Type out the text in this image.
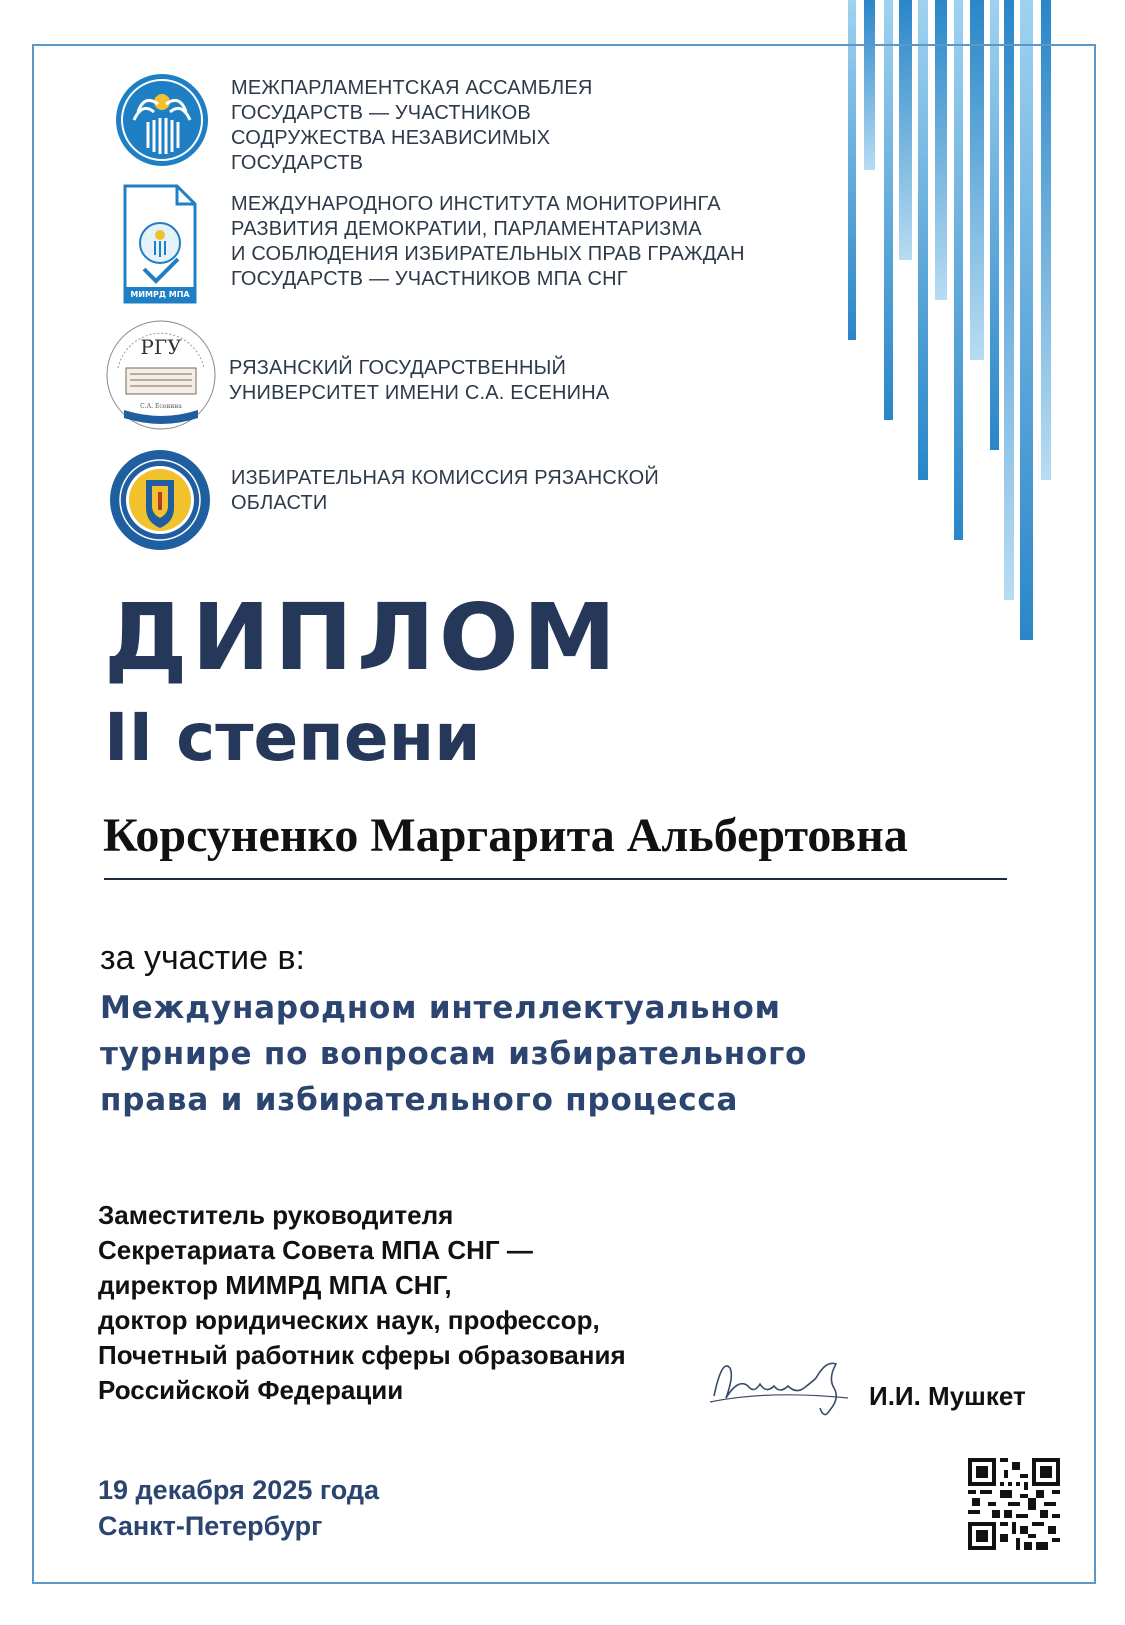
МЕЖПАРЛАМЕНТСКАЯ АССАМБЛЕЯ
ГОСУДАРСТВ — УЧАСТНИКОВ
СОДРУЖЕСТВА НЕЗАВИСИМЫХ
ГОСУДАРСТВ
МИМРД МПА СНГ
МЕЖДУНАРОДНОГО ИНСТИТУТА МОНИТОРИНГА
РАЗВИТИЯ ДЕМОКРАТИИ, ПАРЛАМЕНТАРИЗМА
И СОБЛЮДЕНИЯ ИЗБИРАТЕЛЬНЫХ ПРАВ ГРАЖДАН
ГОСУДАРСТВ — УЧАСТНИКОВ МПА СНГ
С.А. Есенина
РГУ
РЯЗАНСКИЙ ГОСУДАРСТВЕННЫЙ
УНИВЕРСИТЕТ ИМЕНИ С.А. ЕСЕНИНА
ИЗБИРАТЕЛЬНАЯ КОМИССИЯ РЯЗАНСКОЙ
ОБЛАСТИ
ДИПЛОМ
II степени
Корсуненко Маргарита Альбертовна
за участие в:
Международном интеллектуальном
турнире по вопросам избирательного
права и избирательного процесса
Заместитель руководителя
Секретариата Совета МПА СНГ —
директор МИМРД МПА СНГ,
доктор юридических наук, профессор,
Почетный работник сферы образования
Российской Федерации	И.И. Мушкет
19 декабря 2025 года
Санкт-Петербург
